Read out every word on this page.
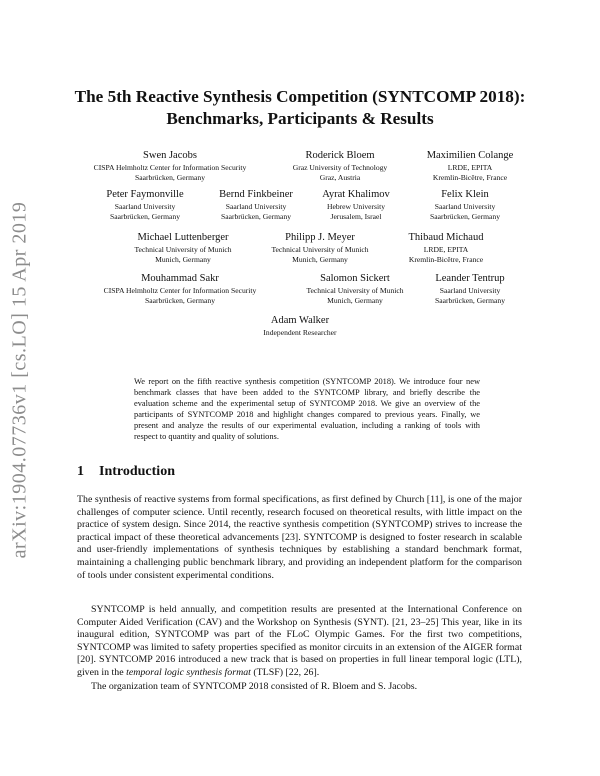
arXiv:1904.07736v1 [cs.LO] 15 Apr 2019
The 5th Reactive Synthesis Competition (SYNTCOMP 2018):
Benchmarks, Participants & Results
Swen Jacobs
CISPA Helmholtz Center for Information Security
Saarbrücken, Germany
Roderick Bloem
Graz University of Technology
Graz, Austria
Maximilien Colange
LRDE, EPITA
Kremlin-Bicêtre, France
Peter Faymonville
Saarland University
Saarbrücken, Germany
Bernd Finkbeiner
Saarland University
Saarbrücken, Germany
Ayrat Khalimov
Hebrew University
Jerusalem, Israel
Felix Klein
Saarland University
Saarbrücken, Germany
Michael Luttenberger
Technical University of Munich
Munich, Germany
Philipp J. Meyer
Technical University of Munich
Munich, Germany
Thibaud Michaud
LRDE, EPITA
Kremlin-Bicêtre, France
Mouhammad Sakr
CISPA Helmholtz Center for Information Security
Saarbrücken, Germany
Salomon Sickert
Technical University of Munich
Munich, Germany
Leander Tentrup
Saarland University
Saarbrücken, Germany
Adam Walker
Independent Researcher
We report on the fifth reactive synthesis competition (SYNTCOMP 2018). We introduce four new benchmark classes that have been added to the SYNTCOMP library, and briefly describe the evaluation scheme and the experimental setup of SYNTCOMP 2018. We give an overview of the participants of SYNTCOMP 2018 and highlight changes compared to previous years. Finally, we present and analyze the results of our experimental evaluation, including a ranking of tools with respect to quantity and quality of solutions.
1 Introduction
The synthesis of reactive systems from formal specifications, as first defined by Church [11], is one of the major challenges of computer science. Until recently, research focused on theoretical results, with little impact on the practice of system design. Since 2014, the reactive synthesis competition (SYNTCOMP) strives to increase the practical impact of these theoretical advancements [23]. SYNTCOMP is designed to foster research in scalable and user-friendly implementations of synthesis techniques by establishing a standard benchmark format, maintaining a challenging public benchmark library, and providing an independent platform for the comparison of tools under consistent experimental conditions.
SYNTCOMP is held annually, and competition results are presented at the International Conference on Computer Aided Verification (CAV) and the Workshop on Synthesis (SYNT). [21, 23–25] This year, like in its inaugural edition, SYNTCOMP was part of the FLoC Olympic Games. For the first two competitions, SYNTCOMP was limited to safety properties specified as monitor circuits in an extension of the AIGER format [20]. SYNTCOMP 2016 introduced a new track that is based on properties in full linear temporal logic (LTL), given in the temporal logic synthesis format (TLSF) [22, 26].
The organization team of SYNTCOMP 2018 consisted of R. Bloem and S. Jacobs.
